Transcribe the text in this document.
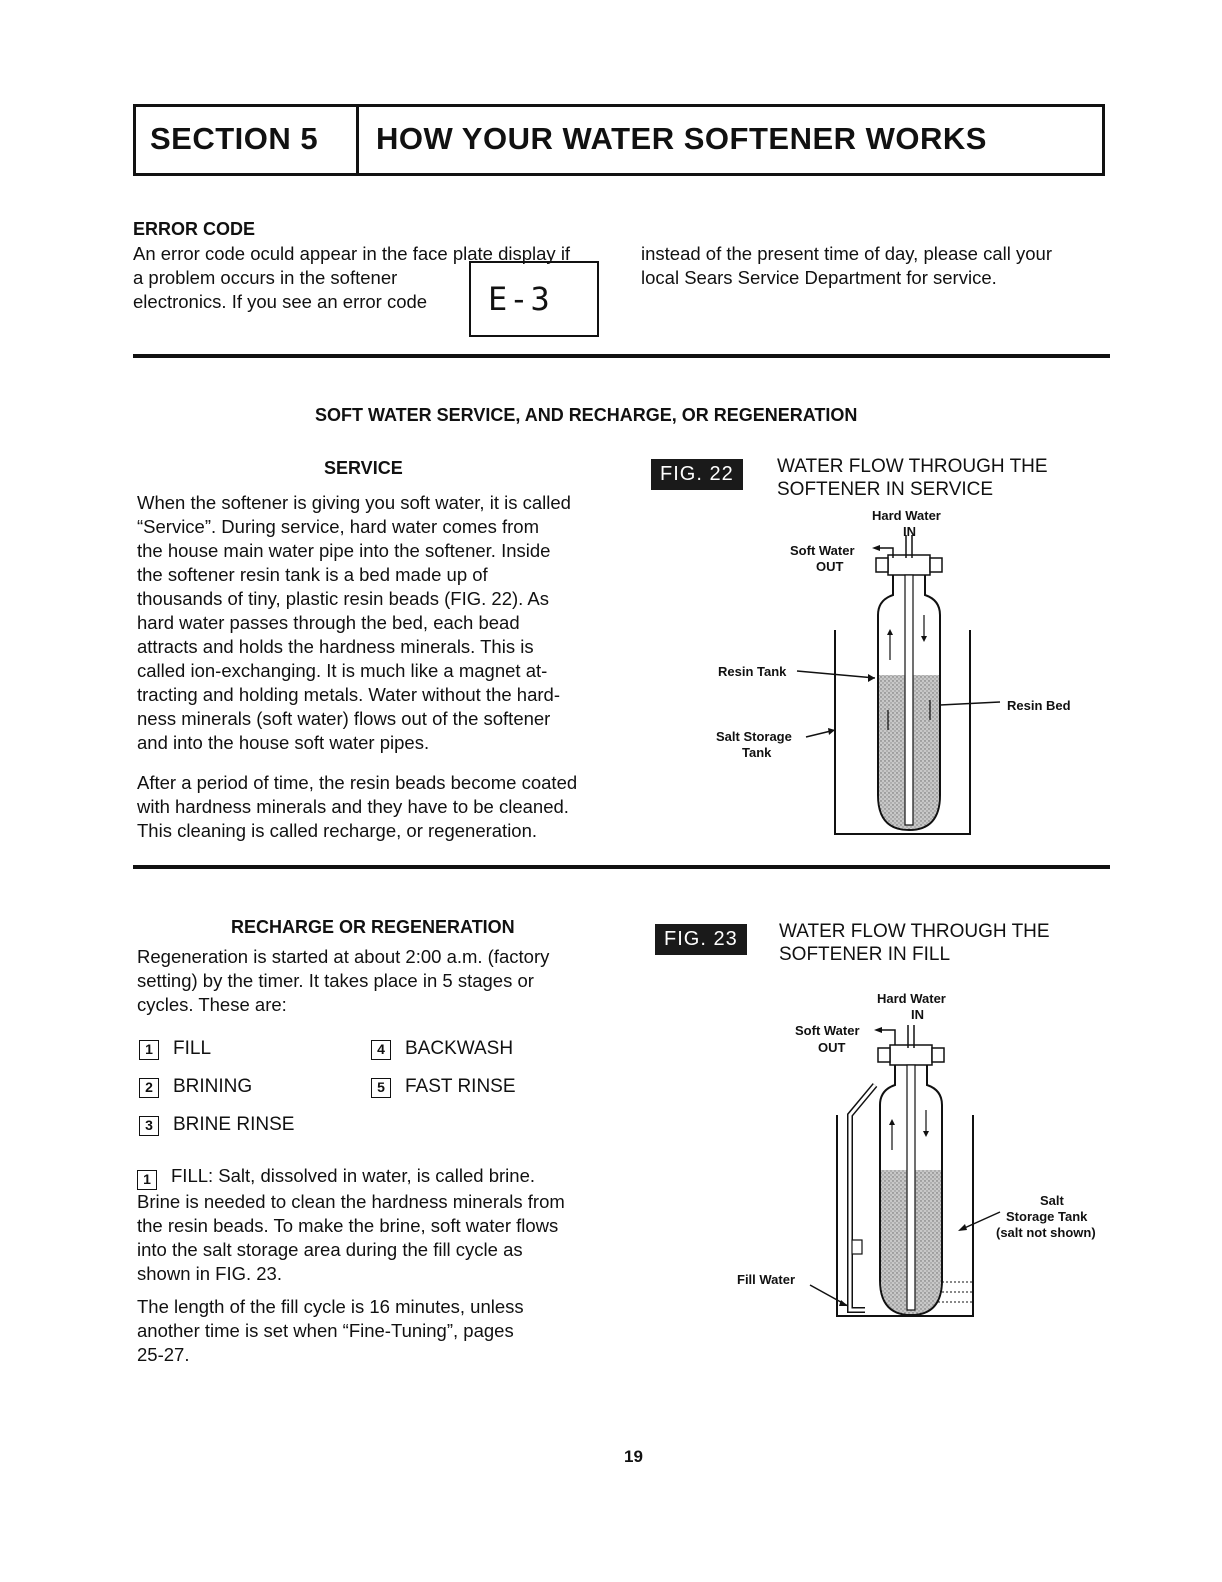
SECTION 5 HOW YOUR WATER SOFTENER WORKS
ERROR CODE
An error code oculd appear in the face plate display if
a problem occurs in the softener
electronics. If you see an error code E-3
instead of the present time of day, please call your
local Sears Service Department for service.
SOFT WATER SERVICE, AND RECHARGE, OR REGENERATION
SERVICE
When the softener is giving you soft water, it is called
“Service”. During service, hard water comes from
the house main water pipe into the softener. Inside
the softener resin tank is a bed made up of
thousands of tiny, plastic resin beads (FIG. 22). As
hard water passes through the bed, each bead
attracts and holds the hardness minerals. This is
called ion-exchanging. It is much like a magnet at-
tracting and holding metals. Water without the hard-
ness minerals (soft water) flows out of the softener
and into the house soft water pipes.
After a period of time, the resin beads become coated
with hardness minerals and they have to be cleaned.
This cleaning is called recharge, or regeneration.
FIG. 22	WATER FLOW THROUGH THE
SOFTENER IN SERVICE
Hard Water
IN
Soft Water
OUT
Resin Tank
Salt Storage
Tank
Resin Bed
RECHARGE OR REGENERATION
Regeneration is started at about 2:00 a.m. (factory
setting) by the timer. It takes place in 5 stages or
cycles. These are:
1 FILL
2 BRINING
3 BRINE RINSE
4 BACKWASH
5 FAST RINSE
1 FILL: Salt, dissolved in water, is called brine.
Brine is needed to clean the hardness minerals from
the resin beads. To make the brine, soft water flows
into the salt storage area during the fill cycle as
shown in FIG. 23.
The length of the fill cycle is 16 minutes, unless
another time is set when “Fine-Tuning”, pages
25-27.
FIG. 23	WATER FLOW THROUGH THE
SOFTENER IN FILL
Hard Water
IN
Soft Water
OUT
Salt
Storage Tank
(salt not shown)
Fill Water
19
